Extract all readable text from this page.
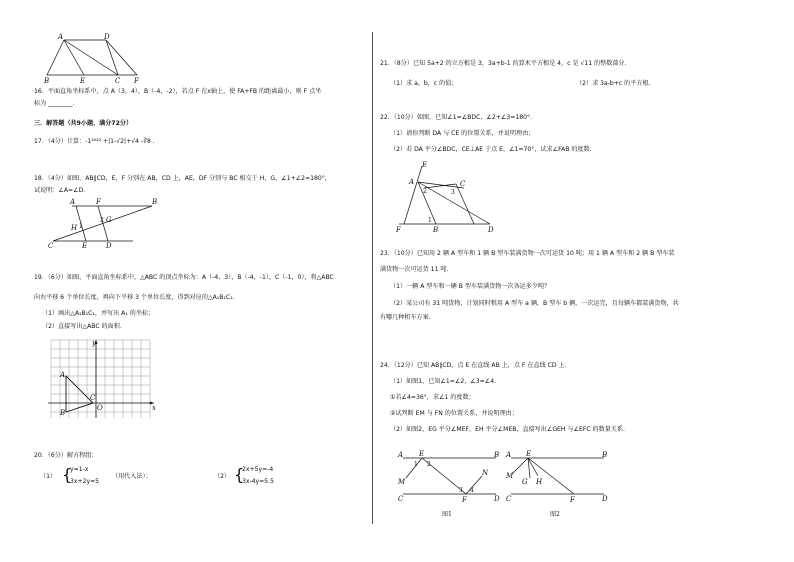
A	D
B	E	C F
16．平面直角坐标系中，点 A（3，4），B（-4，-2），若点 F 在x轴上，使 FA+FB 的距离最小，则 F 点坐
标为 ________.
三．解答题（共9小题，满分72分）
17．（4分）计算：-1²⁰²² +|1-√2|+√4 -∛8 .
18．（4分）如图，AB∥CD，E，F 分别在 AB，CD 上，AE，DF 分别与 BC 相交于 H，G，∠1+∠2=180°，
试说明：∠A=∠D.
A	F	B
H
G
C	E	D
1
2
19．（6分）如图，平面直角坐标系中，△ABC 的顶点坐标为：A（-4，3），B（-4，-1），C（-1，0），将△ABC
向右平移 6 个单位长度，再向下平移 3 个单位长度，得到对应的△A₁B₁C₁.
（1）画出△A₁B₁C₁，并写出 A₁ 的坐标；
（2）直接写出△ABC 的面积.
y
x
O
A
B
C
20．（6分）解方程组：
（1） {
y=1-x
3x+2y=5
（用代入法）；	（2） {
2x+5y=-4
3x-4y=5.5
21．（8分）已知 5a+2 的立方根是 3，3a+b-1 的算术平方根是 4，c 是 √11 的整数部分.
（1）求 a，b，c 的值；	（2）求 3a-b+c 的平方根.
22．（10分）如图，已知∠1=∠BDC，∠2+∠3=180°.
（1）请你判断 DA 与 CE 的位置关系，并说明理由；
（2）若 DA 平分∠BDC，CE⊥AE 于点 E，∠1=70°，试求∠FAB 的度数.
E
A	C
F	B	D
1
2	3
23．（10分）已知用 2 辆 A 型车和 1 辆 B 型车装满货物一次可运货 10 吨；用 1 辆 A 型车和 2 辆 B 型车装
满货物一次可运货 11 吨.
（1）一辆 A 型车和一辆 B 型车装满货物一次各运多少吨？
（2）某公司有 31 吨货物，计划同时租用 A 型车 a 辆，B 型车 b 辆，一次运完，且每辆车都装满货物，共
有哪几种租车方案.
24．（12分）已知 AB∥CD，点 E 在直线 AB 上，点 F 在直线 CD 上.
（1）如图1，已知∠1=∠2，∠3=∠4.
①若∠4=36°，求∠1 的度数；
②试判断 EM 与 FN 的位置关系，并说明理由；
（2）如图2，EG 平分∠MEF，EH 平分∠MEB，直接写出∠GEH 与∠EFC 的数量关系.
A E	B
M
N
C	F	D
1 2
3 4
图1
A E	B
M
G H
C	F	D
图2
